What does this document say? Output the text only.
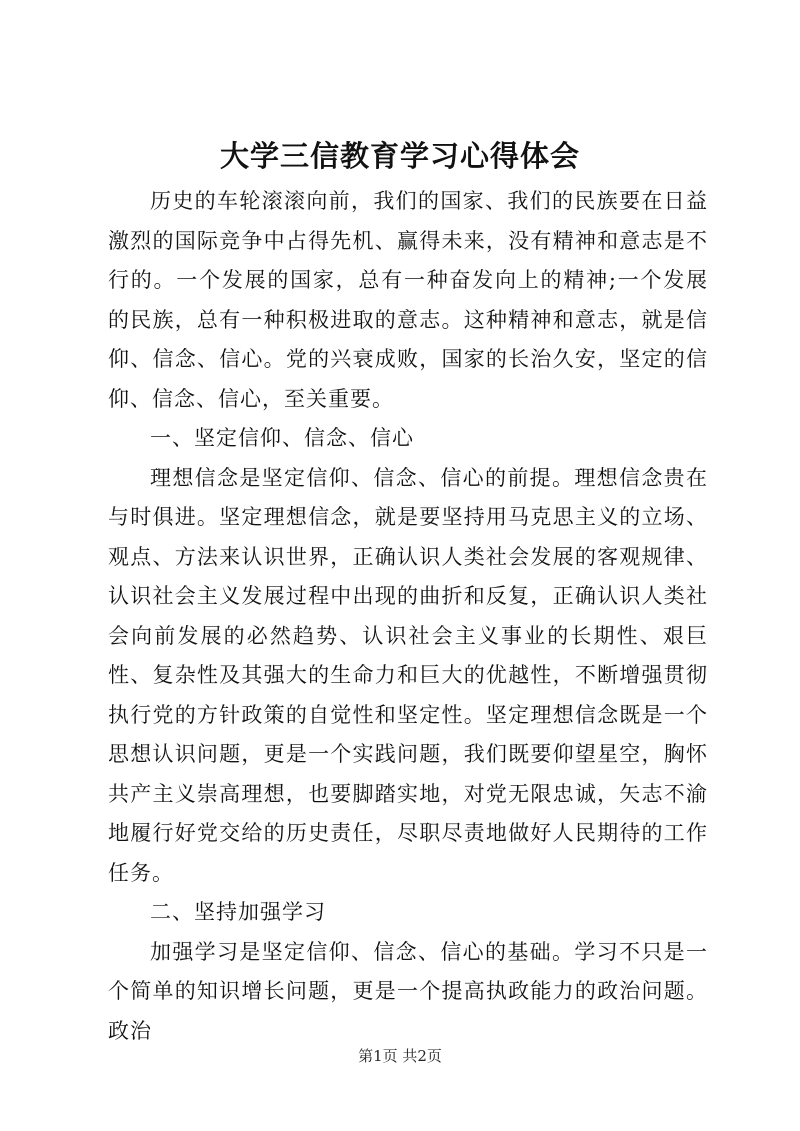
大学三信教育学习心得体会

历史的车轮滚滚向前，我们的国家、我们的民族要在日益激烈的国际竞争中占得先机、赢得未来，没有精神和意志是不行的。一个发展的国家，总有一种奋发向上的精神;一个发展的民族，总有一种积极进取的意志。这种精神和意志，就是信仰、信念、信心。党的兴衰成败，国家的长治久安，坚定的信仰、信念、信心，至关重要。

一、坚定信仰、信念、信心

理想信念是坚定信仰、信念、信心的前提。理想信念贵在与时俱进。坚定理想信念，就是要坚持用马克思主义的立场、观点、方法来认识世界，正确认识人类社会发展的客观规律、认识社会主义发展过程中出现的曲折和反复，正确认识人类社会向前发展的必然趋势、认识社会主义事业的长期性、艰巨性、复杂性及其强大的生命力和巨大的优越性，不断增强贯彻执行党的方针政策的自觉性和坚定性。坚定理想信念既是一个思想认识问题，更是一个实践问题，我们既要仰望星空，胸怀共产主义崇高理想，也要脚踏实地，对党无限忠诚，矢志不渝地履行好党交给的历史责任，尽职尽责地做好人民期待的工作任务。

二、坚持加强学习

加强学习是坚定信仰、信念、信心的基础。学习不只是一个简单的知识增长问题，更是一个提高执政能力的政治问题。政治

第1页 共2页
